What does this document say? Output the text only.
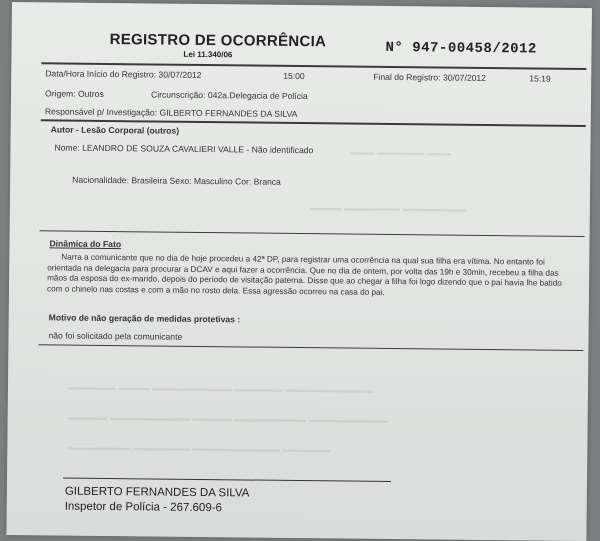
REGISTRO DE OCORRÊNCIA
Lei 11.340/06	N° 947-00458/2012
Data/Hora Início do Registro: 30/07/2012	15:00	Final do Registro: 30/07/2012	15:19
Origem: Outros	Circunscrição: 042a.Delegacia de Polícia
Responsável p/ Investigação: GILBERTO FERNANDES DA SILVA
Autor - Lesão Corporal (outros)
Nome: LEANDRO DE SOUZA CAVALIERI VALLE - Não identificado
Nacionalidade: Brasileira Sexo: Masculino Cor: Branca
Dinâmica do Fato
Narra a comunicante que no dia de hoje procedeu a 42ª DP, para registrar uma ocorrência na qual sua filha era vítima. No entanto foi orientada na delegacia para procurar a DCAV e aqui fazer a ocorrência. Que no dia de ontem, por volta das 19h e 30min, recebeu a filha das mãos da esposa do ex-marido, depois do período de visitação paterna. Disse que ao chegar a filha foi logo dizendo que o pai havia lhe batido com o chinelo nas costas e com a mão no rosto dela. Essa agressão ocorreu na casa do pai.
Motivo de não geração de medidas protetivas :
não foi solicitado pela comunicante
▬▬▬ ▬▬▬▬▬▬ ▬▬▬
▬▬▬▬ ▬▬▬▬▬▬▬ ▬▬▬▬▬▬▬▬
▬▬▬▬▬▬ ▬▬▬▬ ▬▬▬▬▬▬▬▬▬▬ ▬▬▬▬▬▬ ▬▬▬▬▬▬▬▬▬▬▬
▬▬▬▬▬ ▬▬▬▬▬▬▬▬▬▬ ▬▬▬▬▬ ▬▬▬▬▬▬▬▬▬ ▬▬▬▬▬▬▬▬▬▬
▬▬▬▬▬▬▬▬ ▬▬▬▬▬▬▬ ▬▬▬▬▬▬▬▬▬▬▬ ▬▬▬▬▬▬
GILBERTO FERNANDES DA SILVA
Inspetor de Polícia - 267.609-6
